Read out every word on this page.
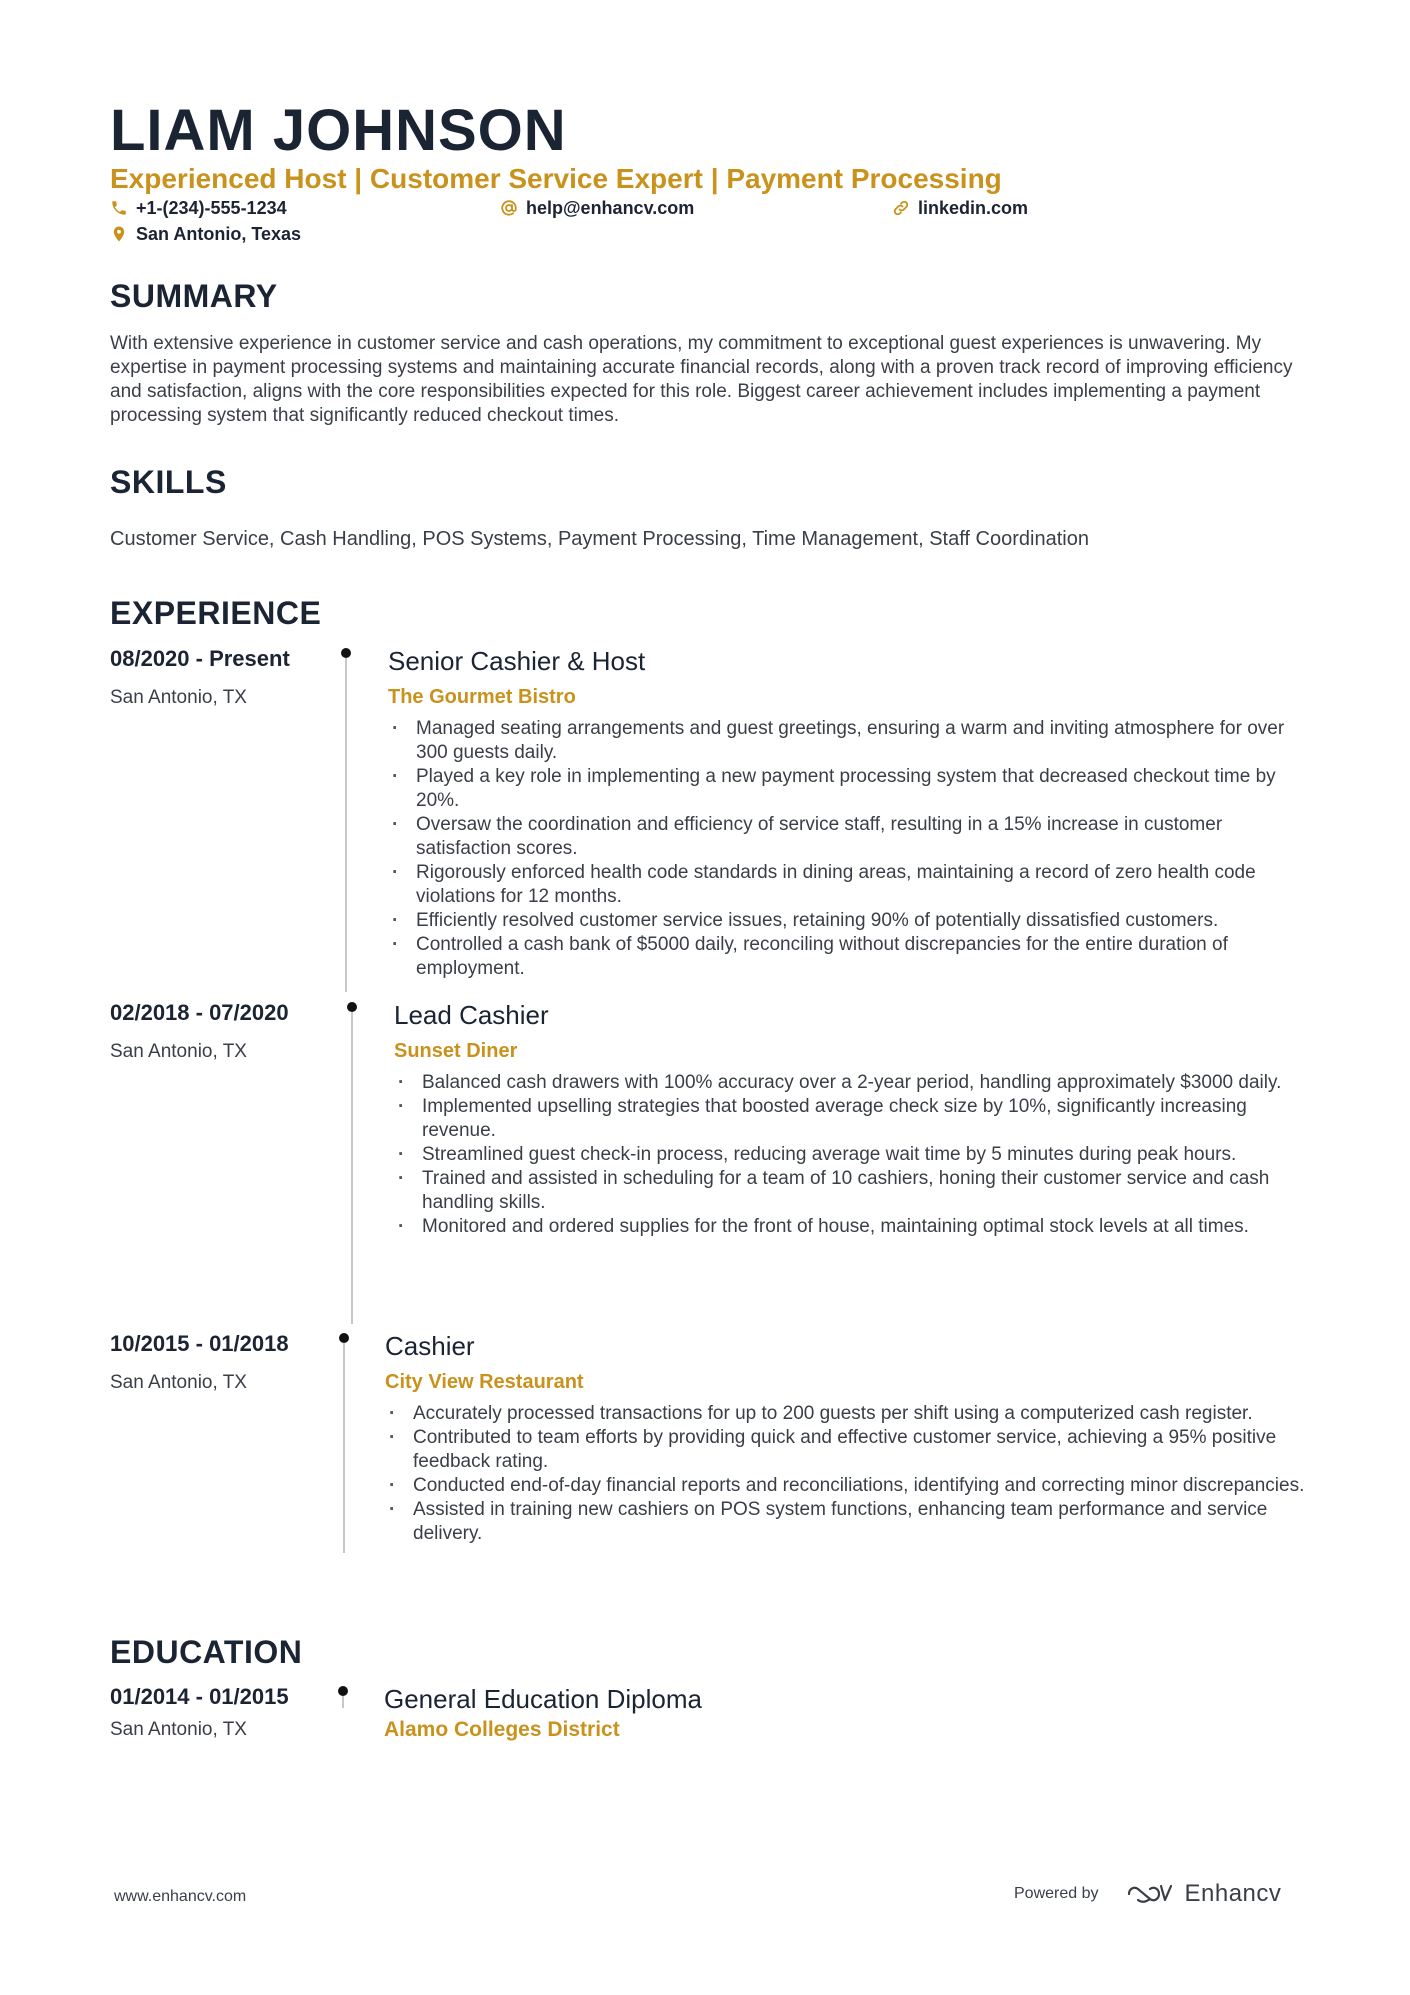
LIAM JOHNSON
Experienced Host | Customer Service Expert | Payment Processing
+1-(234)-555-1234	help@enhancv.com	linkedin.com
San Antonio, Texas
SUMMARY
With extensive experience in customer service and cash operations, my commitment to exceptional guest experiences is unwavering. My expertise in payment processing systems and maintaining accurate financial records, along with a proven track record of improving efficiency and satisfaction, aligns with the core responsibilities expected for this role. Biggest career achievement includes implementing a payment processing system that significantly reduced checkout times.
SKILLS
Customer Service, Cash Handling, POS Systems, Payment Processing, Time Management, Staff Coordination
EXPERIENCE
08/2020 - Present
San Antonio, TX
Senior Cashier & Host
The Gourmet Bistro
· Managed seating arrangements and guest greetings, ensuring a warm and inviting atmosphere for over 300 guests daily.
· Played a key role in implementing a new payment processing system that decreased checkout time by 20%.
· Oversaw the coordination and efficiency of service staff, resulting in a 15% increase in customer satisfaction scores.
· Rigorously enforced health code standards in dining areas, maintaining a record of zero health code violations for 12 months.
· Efficiently resolved customer service issues, retaining 90% of potentially dissatisfied customers.
· Controlled a cash bank of $5000 daily, reconciling without discrepancies for the entire duration of employment.
02/2018 - 07/2020
San Antonio, TX
Lead Cashier
Sunset Diner
· Balanced cash drawers with 100% accuracy over a 2-year period, handling approximately $3000 daily.
· Implemented upselling strategies that boosted average check size by 10%, significantly increasing revenue.
· Streamlined guest check-in process, reducing average wait time by 5 minutes during peak hours.
· Trained and assisted in scheduling for a team of 10 cashiers, honing their customer service and cash handling skills.
· Monitored and ordered supplies for the front of house, maintaining optimal stock levels at all times.
10/2015 - 01/2018
San Antonio, TX
Cashier
City View Restaurant
· Accurately processed transactions for up to 200 guests per shift using a computerized cash register.
· Contributed to team efforts by providing quick and effective customer service, achieving a 95% positive feedback rating.
· Conducted end-of-day financial reports and reconciliations, identifying and correcting minor discrepancies.
· Assisted in training new cashiers on POS system functions, enhancing team performance and service delivery.
EDUCATION
01/2014 - 01/2015
San Antonio, TX
General Education Diploma
Alamo Colleges District
www.enhancv.com	Powered by	Enhancv
